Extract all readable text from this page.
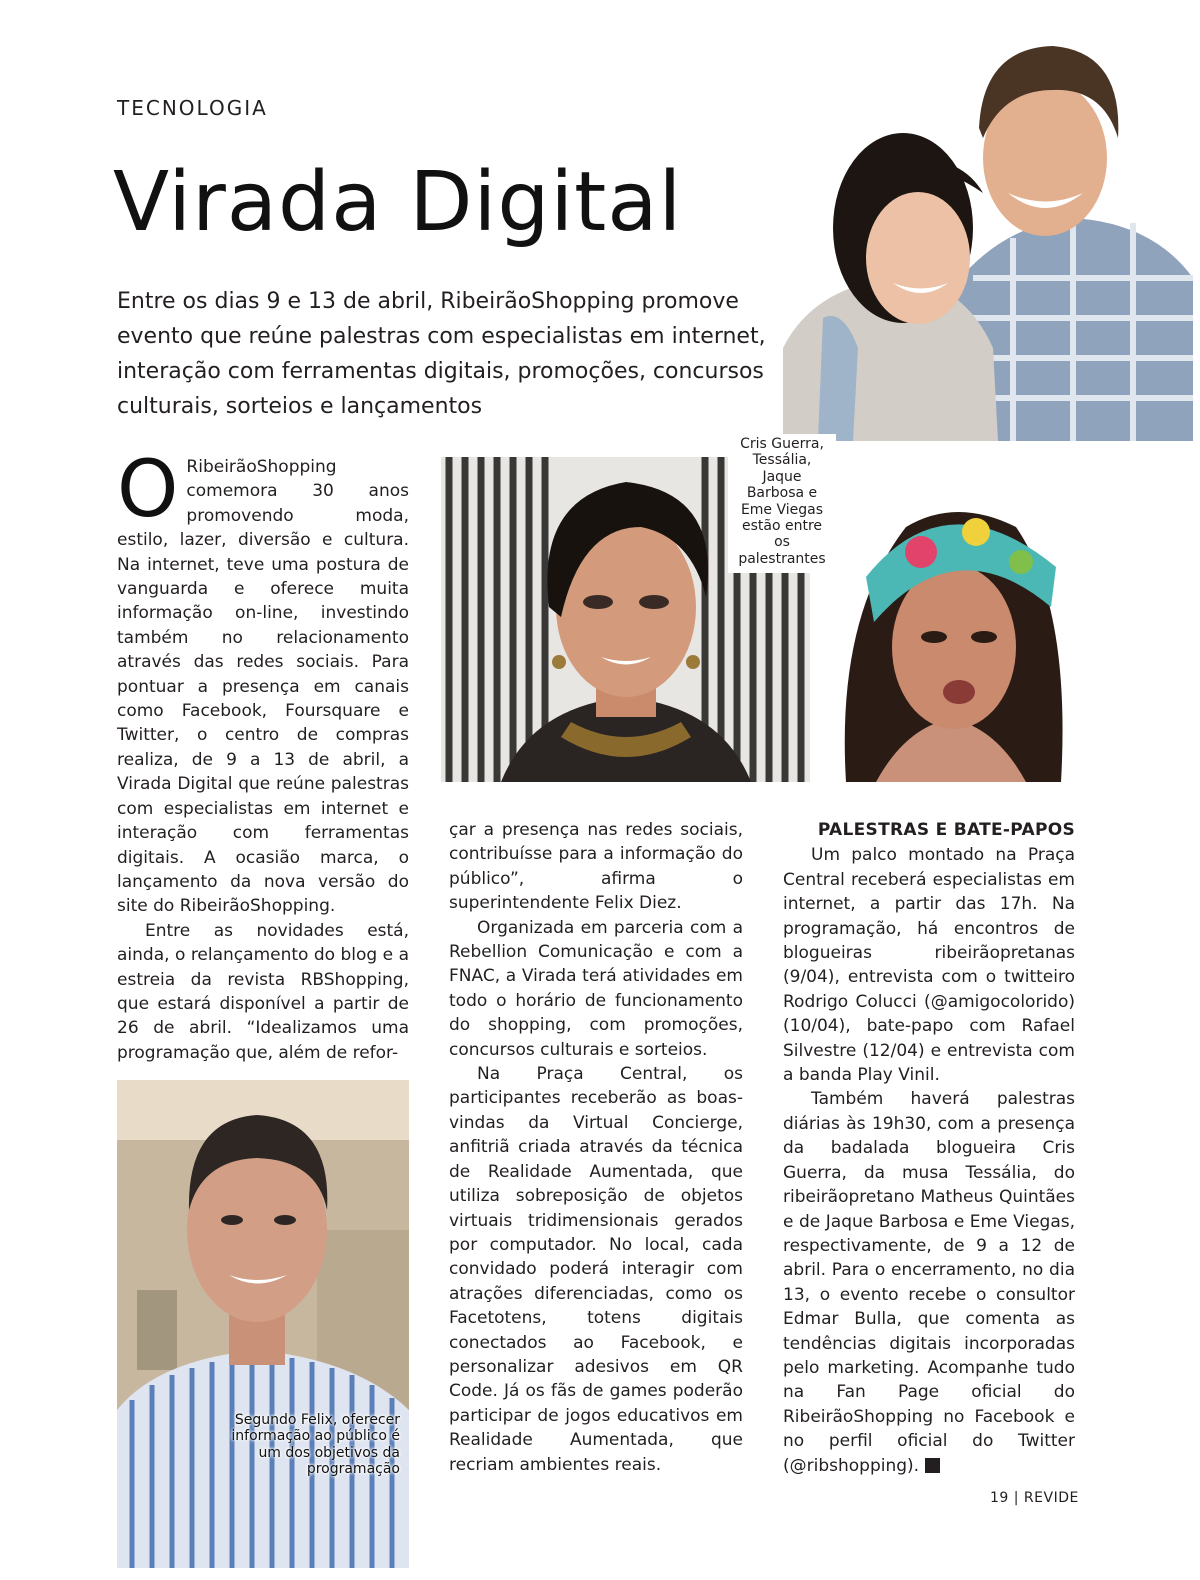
TECNOLOGIA
Virada Digital
Entre os dias 9 e 13 de abril, RibeirãoShopping promove evento que reúne palestras com especialistas em internet, interação com ferramentas digitais, promoções, concursos culturais, sorteios e lançamentos
Cris Guerra, Tessália, Jaque Barbosa e Eme Viegas estão entre os palestrantes

O RibeirãoShopping comemora 30 anos promovendo moda, estilo, lazer, diversão e cultura. Na internet, teve uma postura de vanguarda e oferece muita informação on-line, investindo também no relacionamento através das redes sociais. Para pontuar a presença em canais como Facebook, Foursquare e Twitter, o centro de compras realiza, de 9 a 13 de abril, a Virada Digital que reúne palestras com especialistas em internet e interação com ferramentas digitais. A ocasião marca, o lançamento da nova versão do site do RibeirãoShopping.

Entre as novidades está, ainda, o relançamento do blog e a estreia da revista RBShopping, que estará disponível a partir de 26 de abril. “Idealizamos uma programação que, além de refor-

çar a presença nas redes sociais, contribuísse para a informação do público”, afirma o superintendente Felix Diez.

Organizada em parceria com a Rebellion Comunicação e com a FNAC, a Virada terá atividades em todo o horário de funcionamento do shopping, com promoções, concursos culturais e sorteios.

Na Praça Central, os participantes receberão as boas-vindas da Virtual Concierge, anfitriã criada através da técnica de Realidade Aumentada, que utiliza sobreposição de objetos virtuais tridimensionais gerados por computador. No local, cada convidado poderá interagir com atrações diferenciadas, como os Facetotens, totens digitais conectados ao Facebook, e personalizar adesivos em QR Code. Já os fãs de games poderão participar de jogos educativos em Realidade Aumentada, que recriam ambientes reais.

PALESTRAS E BATE-PAPOS

Um palco montado na Praça Central receberá especialistas em internet, a partir das 17h. Na programação, há encontros de blogueiras ribeirãopretanas (9/04), entrevista com o twitteiro Rodrigo Colucci (@amigocolorido) (10/04), bate-papo com Rafael Silvestre (12/04) e entrevista com a banda Play Vinil.

Também haverá palestras diárias às 19h30, com a presença da badalada blogueira Cris Guerra, da musa Tessália, do ribeirãopretano Matheus Quintães e de Jaque Barbosa e Eme Viegas, respectivamente, de 9 a 12 de abril. Para o encerramento, no dia 13, o evento recebe o consultor Edmar Bulla, que comenta as tendências digitais incorporadas pelo marketing. Acompanhe tudo na Fan Page oficial do RibeirãoShopping no Facebook e no perfil oficial do Twitter (@ribshopping).	r

Segundo Felix, oferecer informação ao público é um dos objetivos da programação
19 | REVIDE
